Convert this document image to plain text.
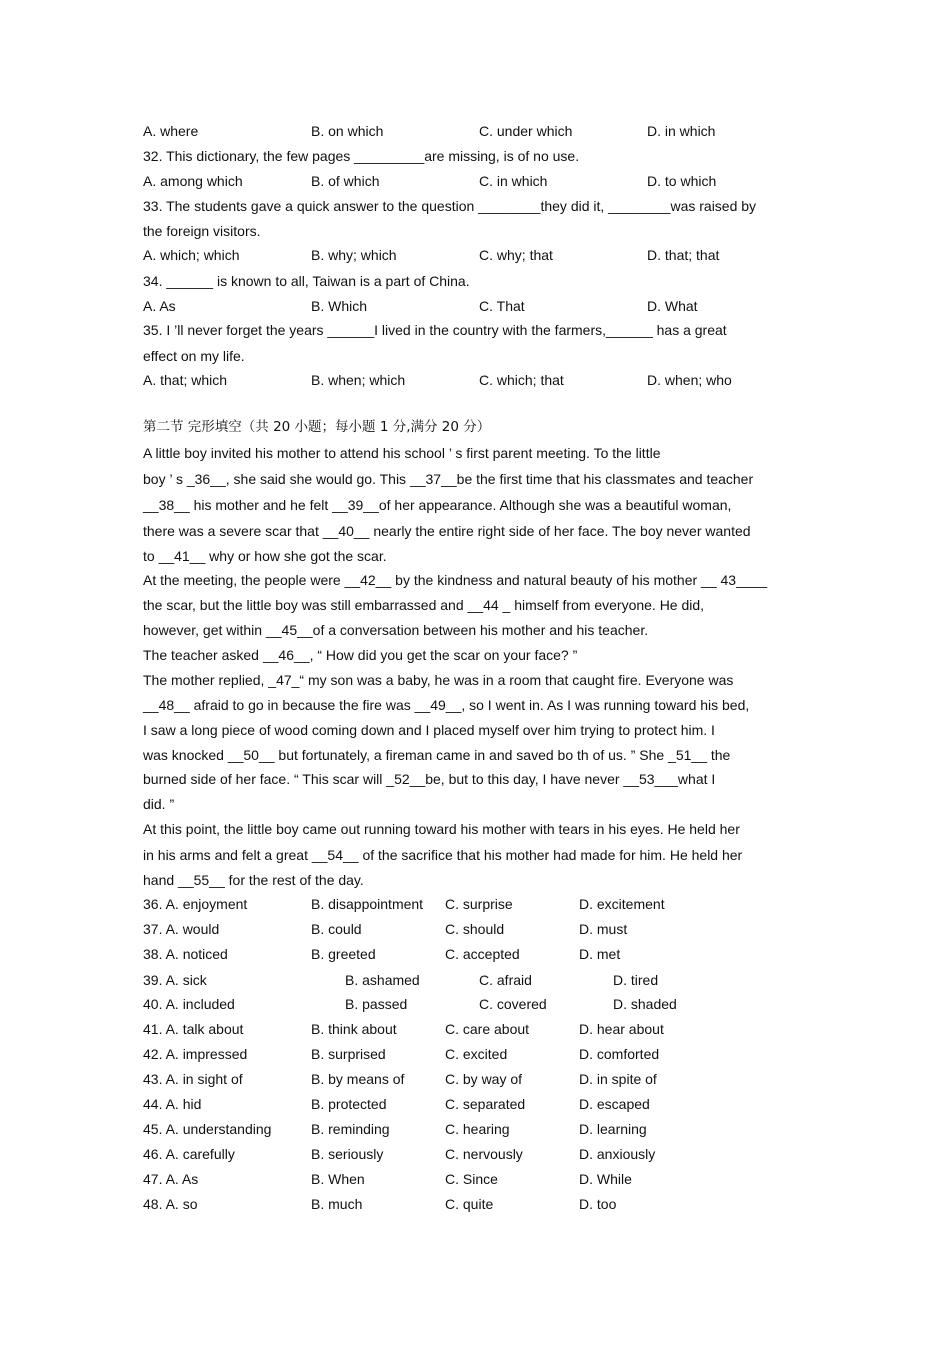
A. where	B. on which	C. under which	D. in which
32. This dictionary, the few pages _________are missing, is of no use.
A. among which	B. of which	C. in which	D. to which
33. The students gave a quick answer to the question ________they did it, ________was raised by
the foreign visitors.
A. which; which	B. why; which	C. why; that	D. that; that
34. ______ is known to all, Taiwan is a part of China.
A. As	B. Which	C. That	D. What
35. I ’ll never forget the years ______I lived in the country with the farmers,______ has a great
effect on my life.
A. that; which	B. when; which	C. which; that	D. when; who
第二节 完形填空（共 20 小题；每小题 1 分,满分 20 分）
A little boy invited his mother to attend his school ’ s first parent meeting. To the little
boy ’ s _36__, she said she would go. This __37__be the first time that his classmates and teacher
__38__ his mother and he felt __39__of her appearance. Although she was a beautiful woman,
there was a severe scar that __40__ nearly the entire right side of her face. The boy never wanted
to __41__ why or how she got the scar.
At the meeting, the people were __42__ by the kindness and natural beauty of his mother __ 43____
the scar, but the little boy was still embarrassed and __44 _ himself from everyone. He did,
however, get within __45__of a conversation between his mother and his teacher.
The teacher asked __46__, “ How did you get the scar on your face? ”
The mother replied, _47_“ my son was a baby, he was in a room that caught fire. Everyone was
__48__ afraid to go in because the fire was __49__, so I went in. As I was running toward his bed,
I saw a long piece of wood coming down and I placed myself over him trying to protect him. I
was knocked __50__ but fortunately, a fireman came in and saved bo th of us. ” She _51__ the
burned side of her face. “ This scar will _52__be, but to this day, I have never __53___what I
did. ”
At this point, the little boy came out running toward his mother with tears in his eyes. He held her
in his arms and felt a great __54__ of the sacrifice that his mother had made for him. He held her
hand __55__ for the rest of the day.
36. A. enjoyment	B. disappointment C. surprise	D. excitement
37. A. would	B. could	C. should	D. must
38. A. noticed	B. greeted	C. accepted	D. met
39. A. sick	B. ashamed	C. afraid	D. tired
40. A. included	B. passed	C. covered	D. shaded
41. A. talk about	B. think about	C. care about	D. hear about
42. A. impressed	B. surprised	C. excited	D. comforted
43. A. in sight of	B. by means of	C. by way of	D. in spite of
44. A. hid	B. protected	C. separated	D. escaped
45. A. understanding	B. reminding	C. hearing	D. learning
46. A. carefully	B. seriously	C. nervously	D. anxiously
47. A. As	B. When	C. Since	D. While
48. A. so	B. much	C. quite	D. too
